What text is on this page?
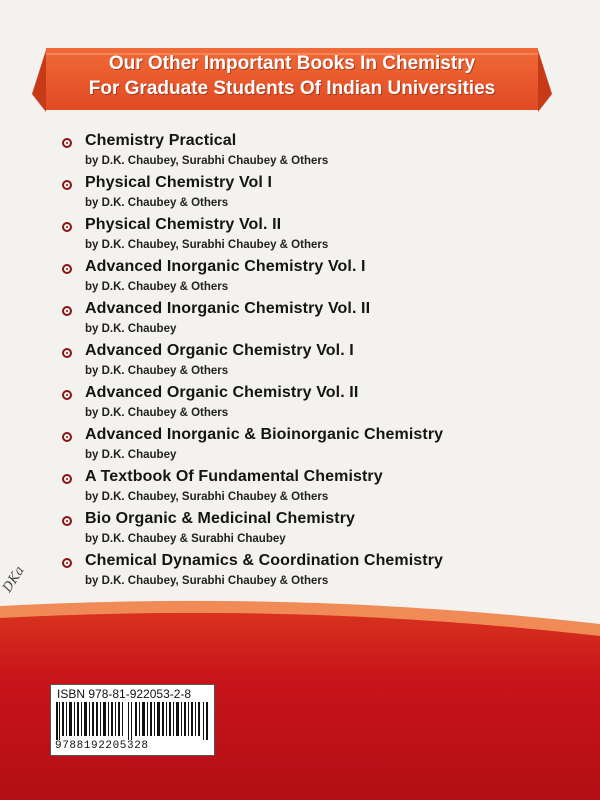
Our Other Important Books In Chemistry
For Graduate Students Of Indian Universities
Chemistry Practical
by D.K. Chaubey, Surabhi Chaubey & Others
Physical Chemistry Vol I
by D.K. Chaubey & Others
Physical Chemistry Vol. II
by D.K. Chaubey, Surabhi Chaubey & Others
Advanced Inorganic Chemistry Vol. I
by D.K. Chaubey & Others
Advanced Inorganic Chemistry Vol. II
by D.K. Chaubey
Advanced Organic Chemistry Vol. I
by D.K. Chaubey & Others
Advanced Organic Chemistry Vol. II
by D.K. Chaubey & Others
Advanced Inorganic & Bioinorganic Chemistry
by D.K. Chaubey
A Textbook Of Fundamental Chemistry
by D.K. Chaubey, Surabhi Chaubey & Others
Bio Organic & Medicinal Chemistry
by D.K. Chaubey & Surabhi Chaubey
Chemical Dynamics & Coordination Chemistry
by D.K. Chaubey, Surabhi Chaubey & Others
DKa
ISBN 978-81-922053-2-8
9788192205328
